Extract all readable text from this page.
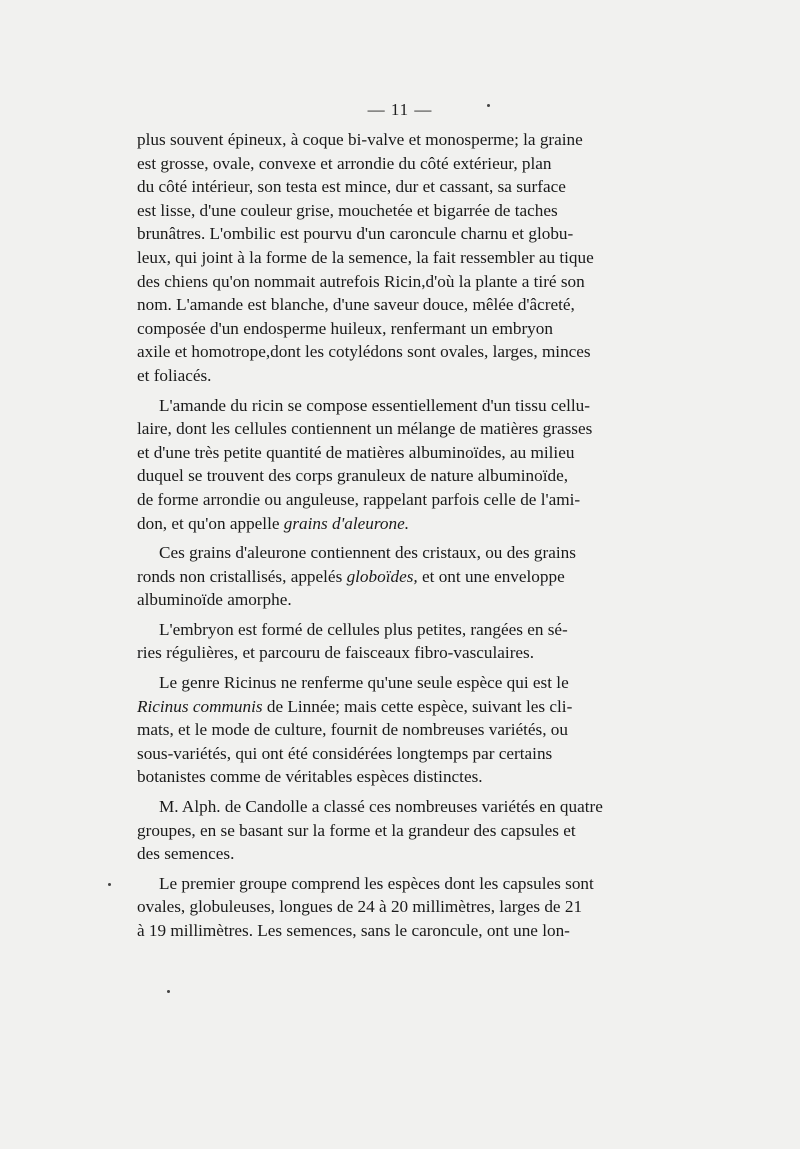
— 11 —

plus souvent épineux, à coque bi-valve et monosperme; la graine
est grosse, ovale, convexe et arrondie du côté extérieur, plan
du côté intérieur, son testa est mince, dur et cassant, sa surface
est lisse, d'une couleur grise, mouchetée et bigarrée de taches
brunâtres. L'ombilic est pourvu d'un caroncule charnu et globu-
leux, qui joint à la forme de la semence, la fait ressembler au tique
des chiens qu'on nommait autrefois Ricin,d'où la plante a tiré son
nom. L'amande est blanche, d'une saveur douce, mêlée d'âcreté,
composée d'un endosperme huileux, renfermant un embryon
axile et homotrope,dont les cotylédons sont ovales, larges, minces
et foliacés.

L'amande du ricin se compose essentiellement d'un tissu cellu-
laire, dont les cellules contiennent un mélange de matières grasses
et d'une très petite quantité de matières albuminoïdes, au milieu
duquel se trouvent des corps granuleux de nature albuminoïde,
de forme arrondie ou anguleuse, rappelant parfois celle de l'ami-
don, et qu'on appelle grains d'aleurone.

Ces grains d'aleurone contiennent des cristaux, ou des grains
ronds non cristallisés, appelés globoïdes, et ont une enveloppe
albuminoïde amorphe.

L'embryon est formé de cellules plus petites, rangées en sé-
ries régulières, et parcouru de faisceaux fibro-vasculaires.

Le genre Ricinus ne renferme qu'une seule espèce qui est le
Ricinus communis de Linnée; mais cette espèce, suivant les cli-
mats, et le mode de culture, fournit de nombreuses variétés, ou
sous-variétés, qui ont été considérées longtemps par certains
botanistes comme de véritables espèces distinctes.

M. Alph. de Candolle a classé ces nombreuses variétés en quatre
groupes, en se basant sur la forme et la grandeur des capsules et
des semences.

Le premier groupe comprend les espèces dont les capsules sont
ovales, globuleuses, longues de 24 à 20 millimètres, larges de 21
à 19 millimètres. Les semences, sans le caroncule, ont une lon-
